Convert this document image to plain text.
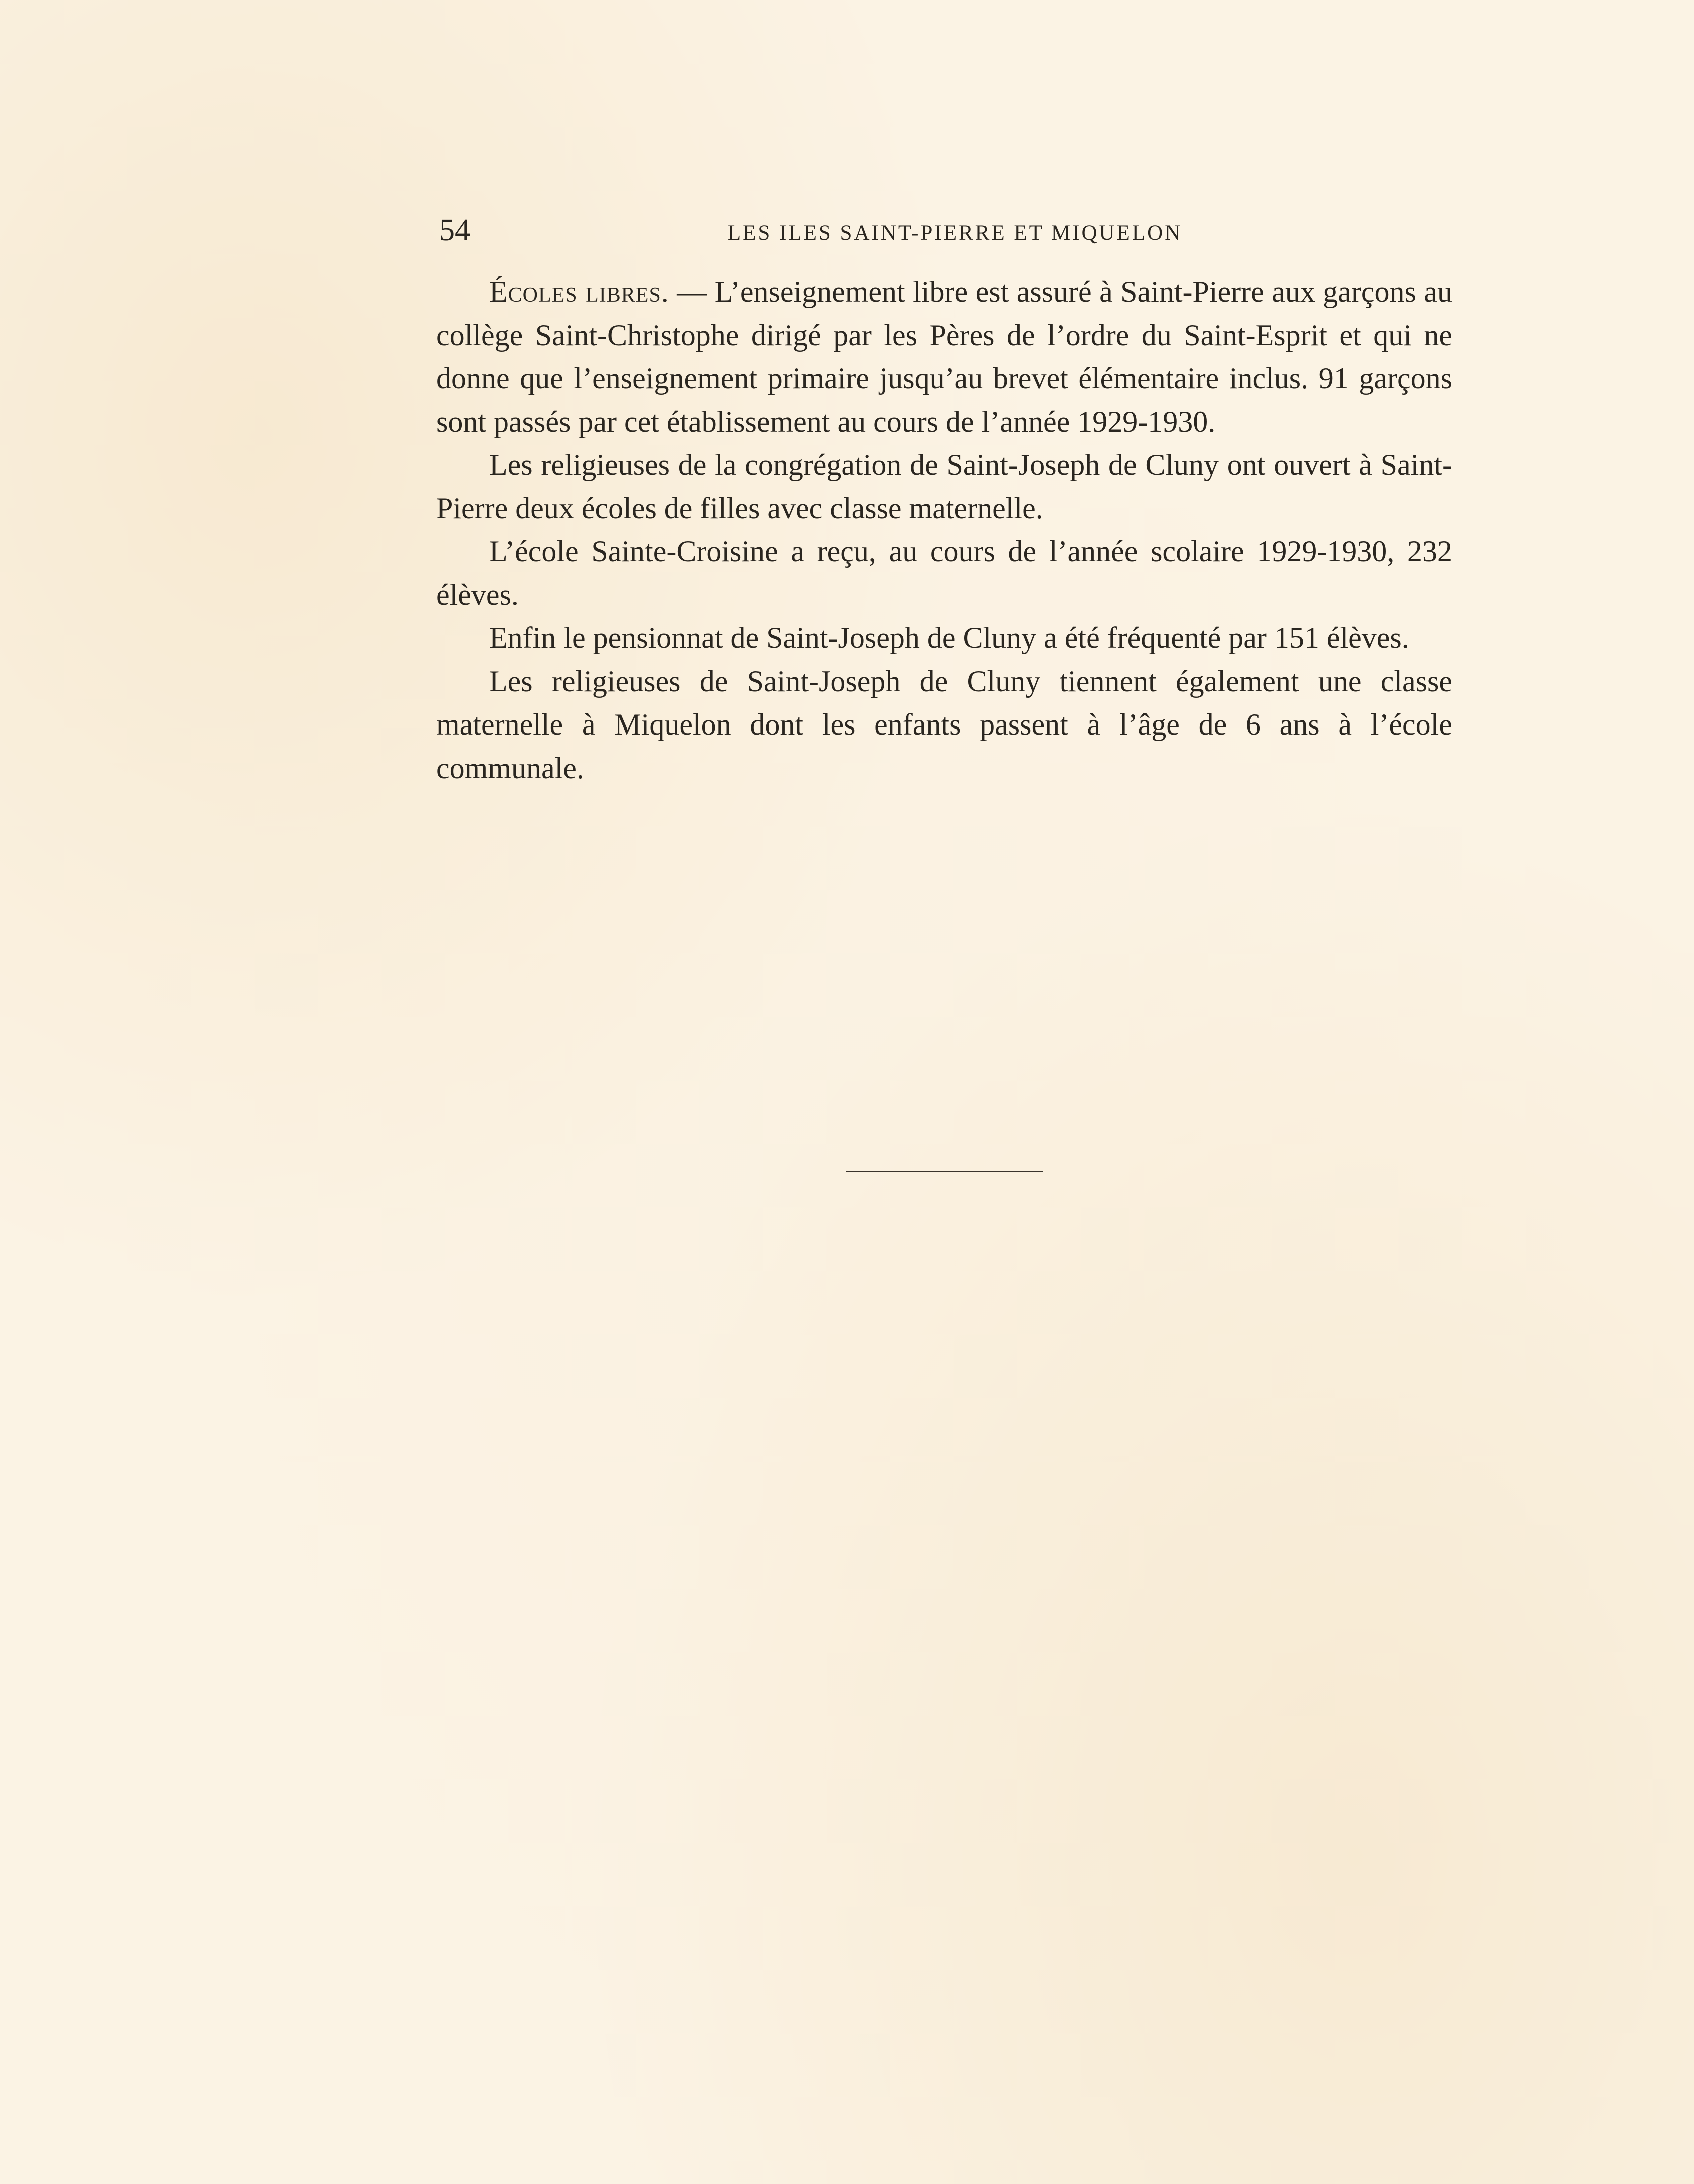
54	LES ILES SAINT-PIERRE ET MIQUELON

Écoles libres. — L’enseignement libre est assuré à Saint-Pierre aux garçons au collège Saint-Christophe dirigé par les Pères de l’ordre du Saint-Esprit et qui ne donne que l’enseignement primaire jusqu’au brevet élémentaire inclus. 91 garçons sont passés par cet établissement au cours de l’année 1929-1930.

Les religieuses de la congrégation de Saint-Joseph de Cluny ont ouvert à Saint-Pierre deux écoles de filles avec classe maternelle.

L’école Sainte-Croisine a reçu, au cours de l’année scolaire 1929-1930, 232 élèves.

Enfin le pensionnat de Saint-Joseph de Cluny a été fréquenté par 151 élèves.

Les religieuses de Saint-Joseph de Cluny tiennent également une classe maternelle à Miquelon dont les enfants passent à l’âge de 6 ans à l’école communale.
